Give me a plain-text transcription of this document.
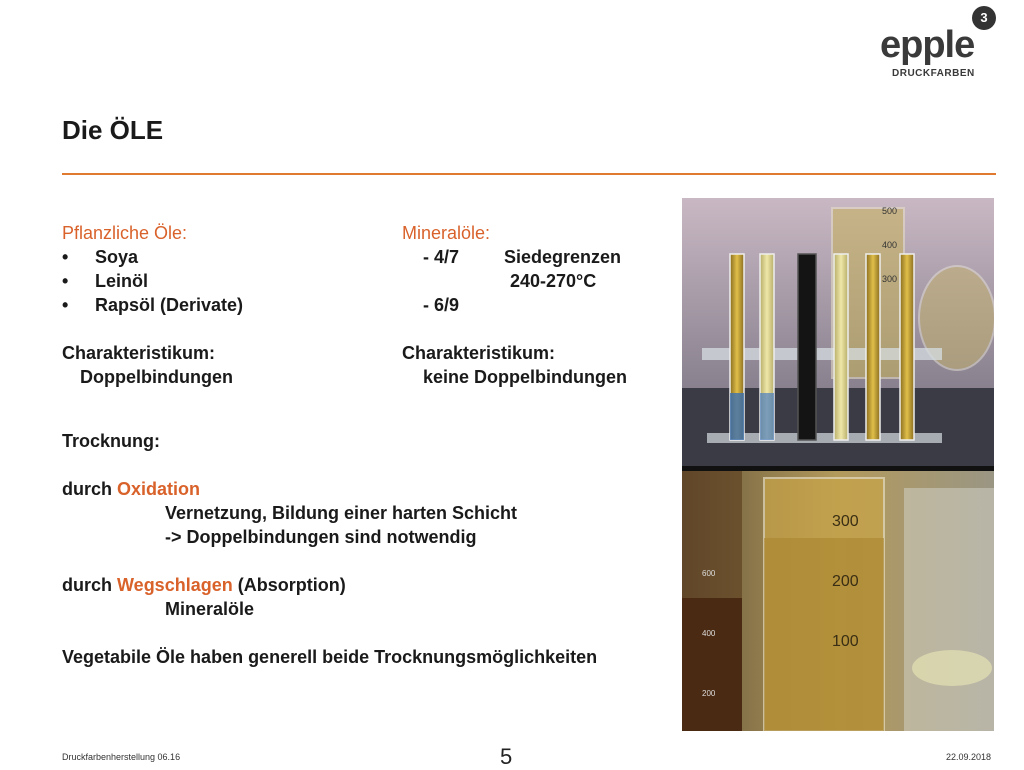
3
epple
DRUCKFARBEN
Die ÖLE
Pflanzliche Öle:
• Soya
• Leinöl
• Rapsöl (Derivate)
Charakteristikum:
Doppelbindungen
Mineralöle:
- 4/7 Siedegrenzen
240-270°C
- 6/9
Charakteristikum:
keine Doppelbindungen
Trocknung:
durch Oxidation
Vernetzung, Bildung einer harten Schicht
-> Doppelbindungen sind notwendig
durch Wegschlagen (Absorption)
Mineralöle
Vegetabile Öle haben generell beide Trocknungsmöglichkeiten
500
400
300
300
200
100
600
400
200
Druckfarbenherstellung 06.16	5	22.09.2018
